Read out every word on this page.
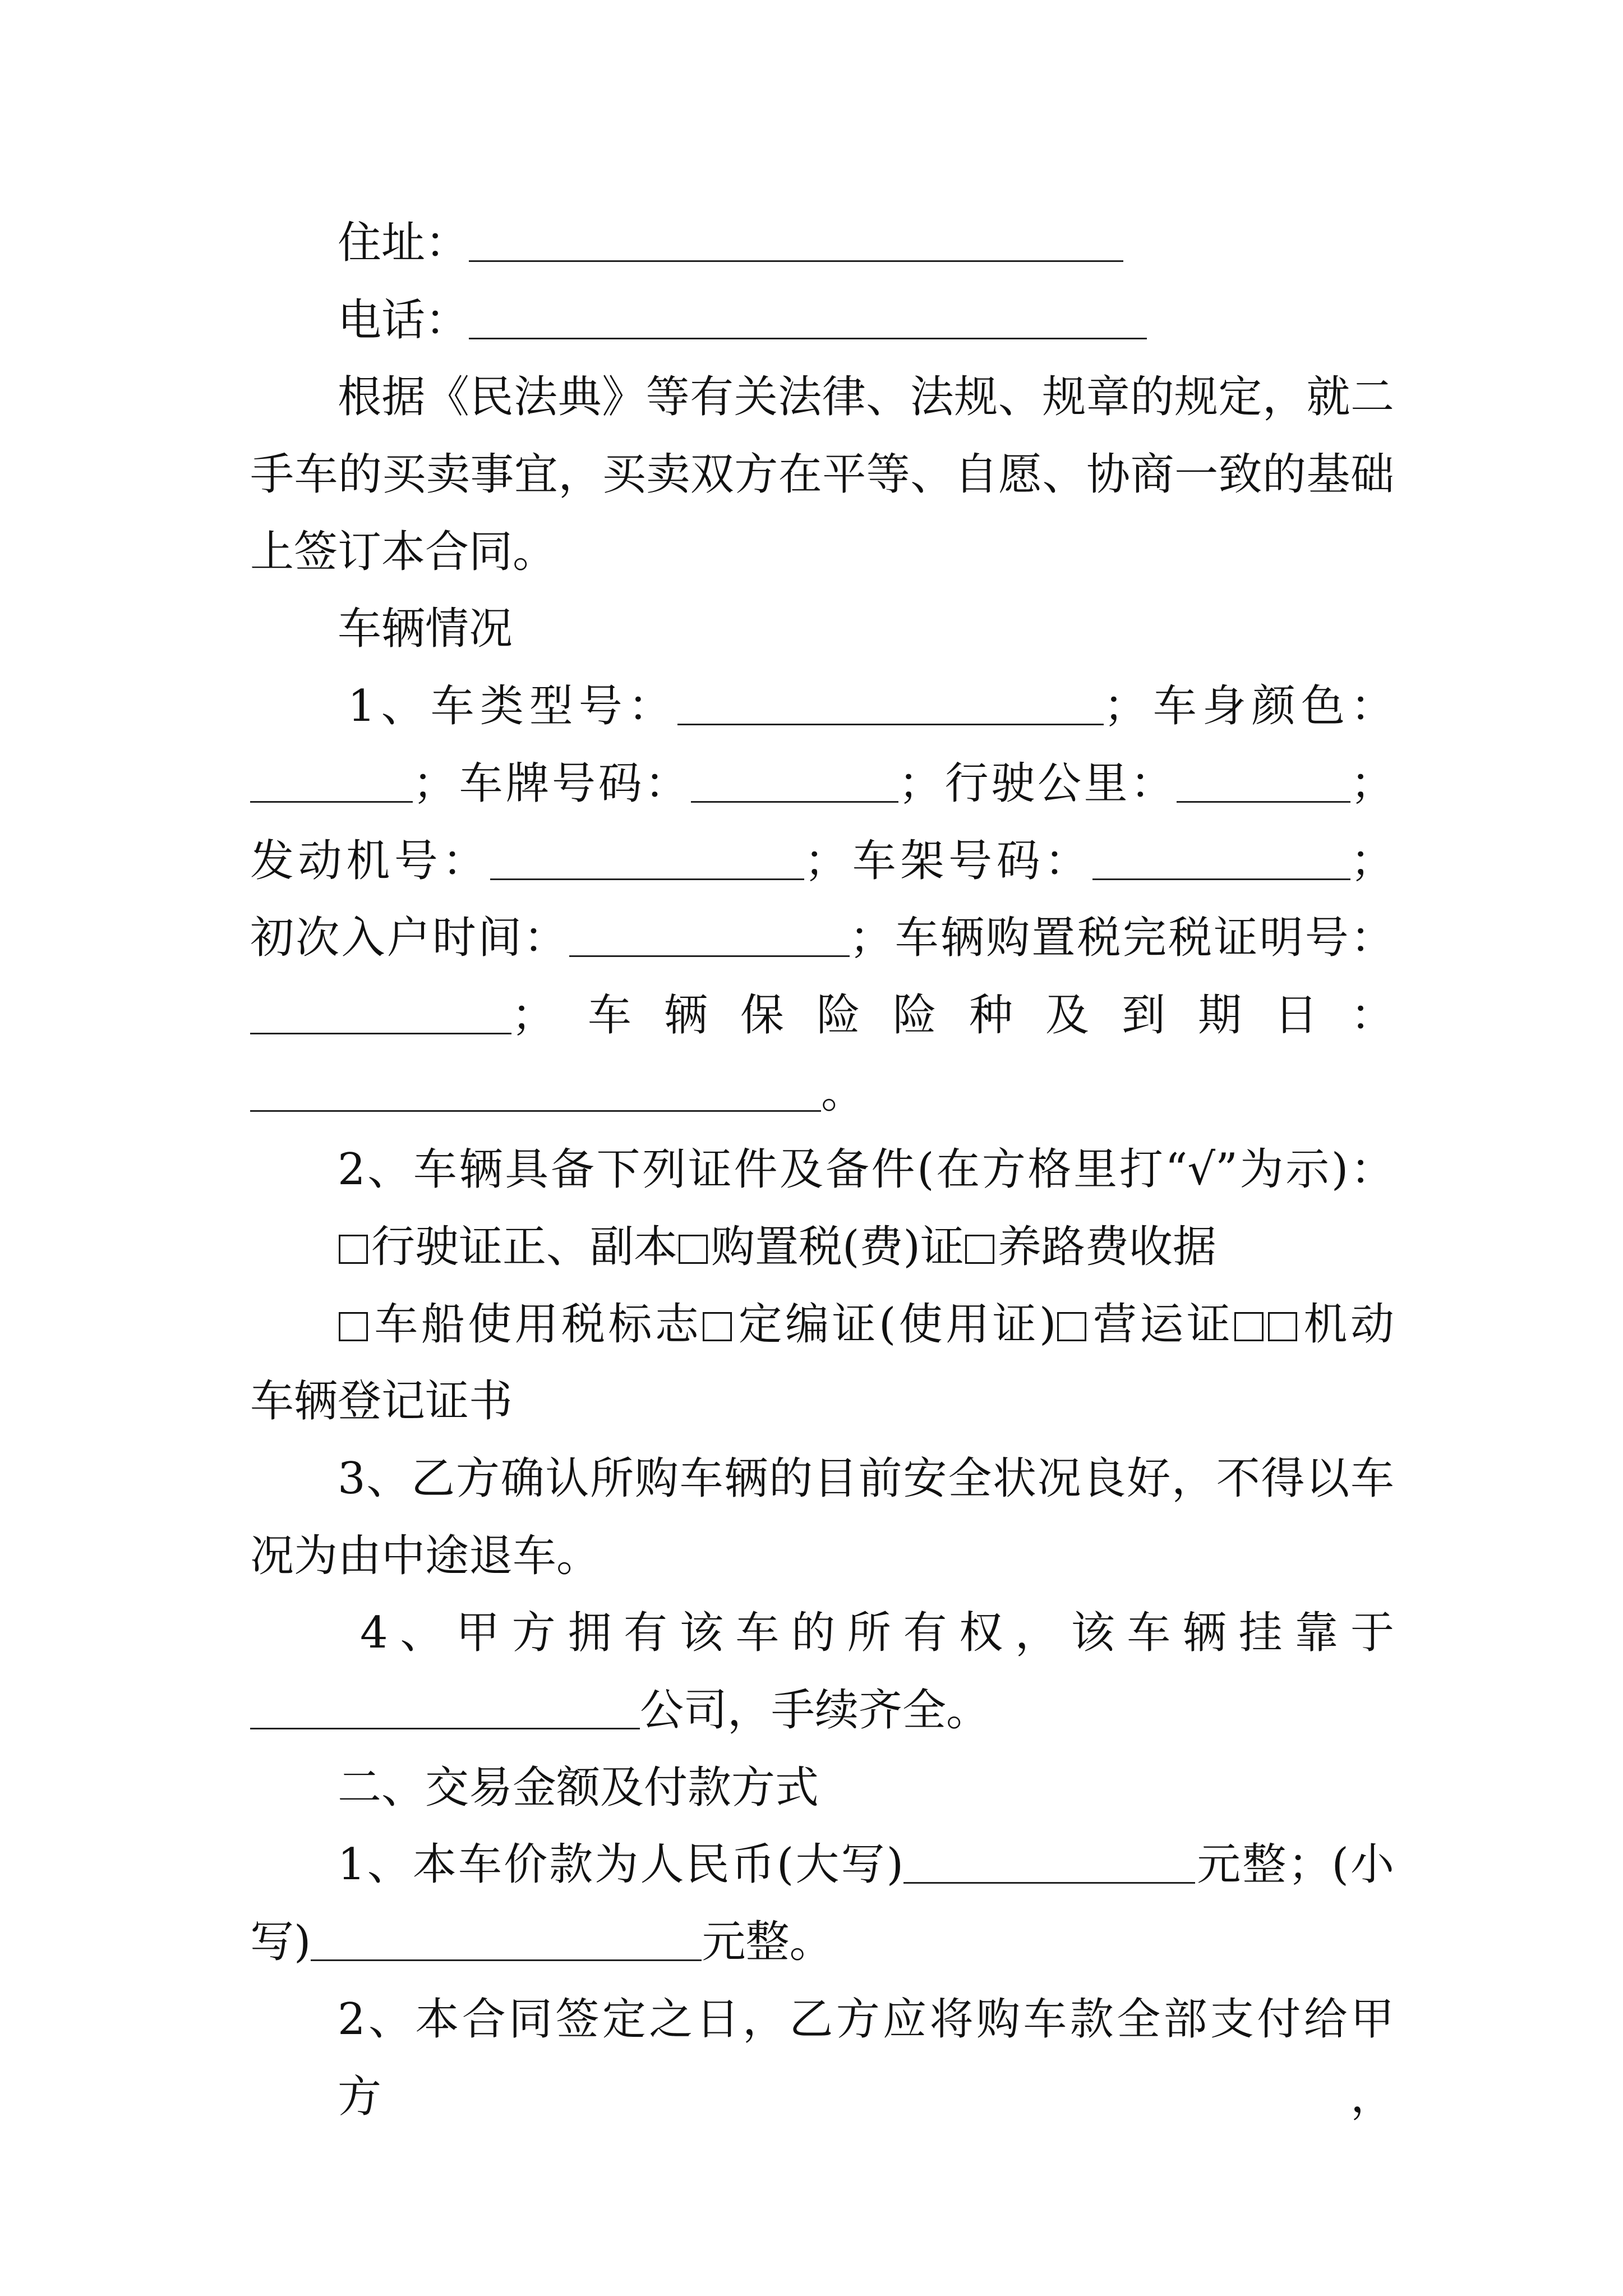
住址：
电话：
根据《民法典》等有关法律、法规、规章的规定，就二
手车的买卖事宜，买卖双方在平等、自愿、协商一致的基础
上签订本合同。
车辆情况
1、车类型号：	；车身颜色：
；车牌号码：	；行驶公里：	；
发动机号：	；车架号码：	；
初次入户时间：	；车辆购置税完税证明号：
；车辆保险险种及到期日：
。
2、车辆具备下列证件及备件(在方格里打“√”为示)：
行驶证正、副本 购置税(费)证 养路费收据
车船使用税标志 定编证(使用证) 营运证 机动
车辆登记证书
3、乙方确认所购车辆的目前安全状况良好，不得以车
况为由中途退车。
4、甲方拥有该车的所有权，该车辆挂靠于
公司，手续齐全。
二、交易金额及付款方式
1、本车价款为人民币(大写)	元整；(小
写)	元整。
2、本合同签定之日，乙方应将购车款全部支付给甲方，
